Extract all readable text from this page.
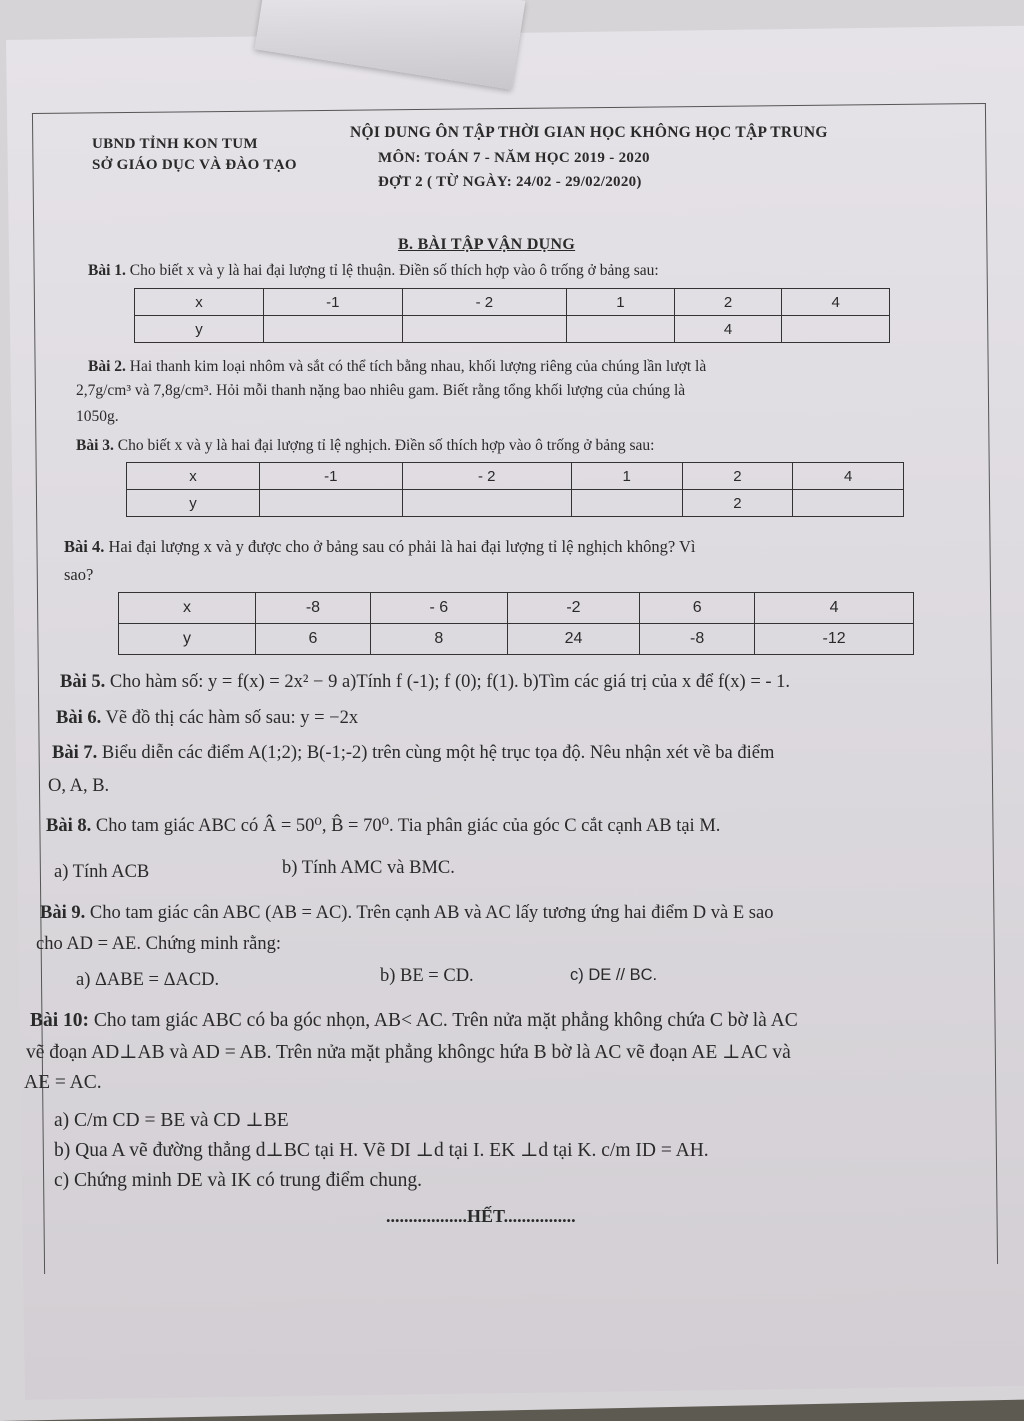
UBND TỈNH KON TUM
SỞ GIÁO DỤC VÀ ĐÀO TẠO
NỘI DUNG ÔN TẬP THỜI GIAN HỌC KHÔNG HỌC TẬP TRUNG
MÔN: TOÁN 7 - NĂM HỌC 2019 - 2020
ĐỢT 2 ( TỪ NGÀY: 24/02 - 29/02/2020)
B. BÀI TẬP VẬN DỤNG
Bài 1. Cho biết x và y là hai đại lượng tỉ lệ thuận. Điền số thích hợp vào ô trống ở bảng sau:
x	-1	- 2	1	2	4
y				4	
Bài 2. Hai thanh kim loại nhôm và sắt có thể tích bằng nhau, khối lượng riêng của chúng lần lượt là
2,7g/cm³ và 7,8g/cm³. Hỏi mỗi thanh nặng bao nhiêu gam. Biết rằng tổng khối lượng của chúng là
1050g.
Bài 3. Cho biết x và y là hai đại lượng tỉ lệ nghịch. Điền số thích hợp vào ô trống ở bảng sau:
x	-1	- 2	1	2	4
y				2	
Bài 4. Hai đại lượng x và y được cho ở bảng sau có phải là hai đại lượng tỉ lệ nghịch không? Vì
sao?
x	-8	- 6	-2	6	4
y	6	8	24	-8	-12
Bài 5. Cho hàm số: y = f(x) = 2x² − 9 a)Tính f (-1); f (0); f(1). b)Tìm các giá trị của x để f(x) = - 1.
Bài 6. Vẽ đồ thị các hàm số sau: y = −2x
Bài 7. Biểu diễn các điểm A(1;2); B(-1;-2) trên cùng một hệ trục tọa độ. Nêu nhận xét về ba điểm
O, A, B.
Bài 8. Cho tam giác ABC có Â = 50⁰, B̂ = 70⁰. Tia phân giác của góc C cắt cạnh AB tại M.
a) Tính ACB	b) Tính AMC và BMC.
Bài 9. Cho tam giác cân ABC (AB = AC). Trên cạnh AB và AC lấy tương ứng hai điểm D và E sao
cho AD = AE. Chứng minh rằng:
a) ΔABE = ΔACD.	b) BE = CD.	c) DE // BC.
Bài 10: Cho tam giác ABC có ba góc nhọn, AB< AC. Trên nửa mặt phẳng không chứa C bờ là AC
vẽ đoạn AD⊥AB và AD = AB. Trên nửa mặt phẳng khôngc hứa B bờ là AC vẽ đoạn AE ⊥AC và
AE = AC.
a) C/m CD = BE và CD ⊥BE
b) Qua A vẽ đường thẳng d⊥BC tại H. Vẽ DI ⊥d tại I. EK ⊥d tại K. c/m ID = AH.
c) Chứng minh DE và IK có trung điểm chung.
..................HẾT................
